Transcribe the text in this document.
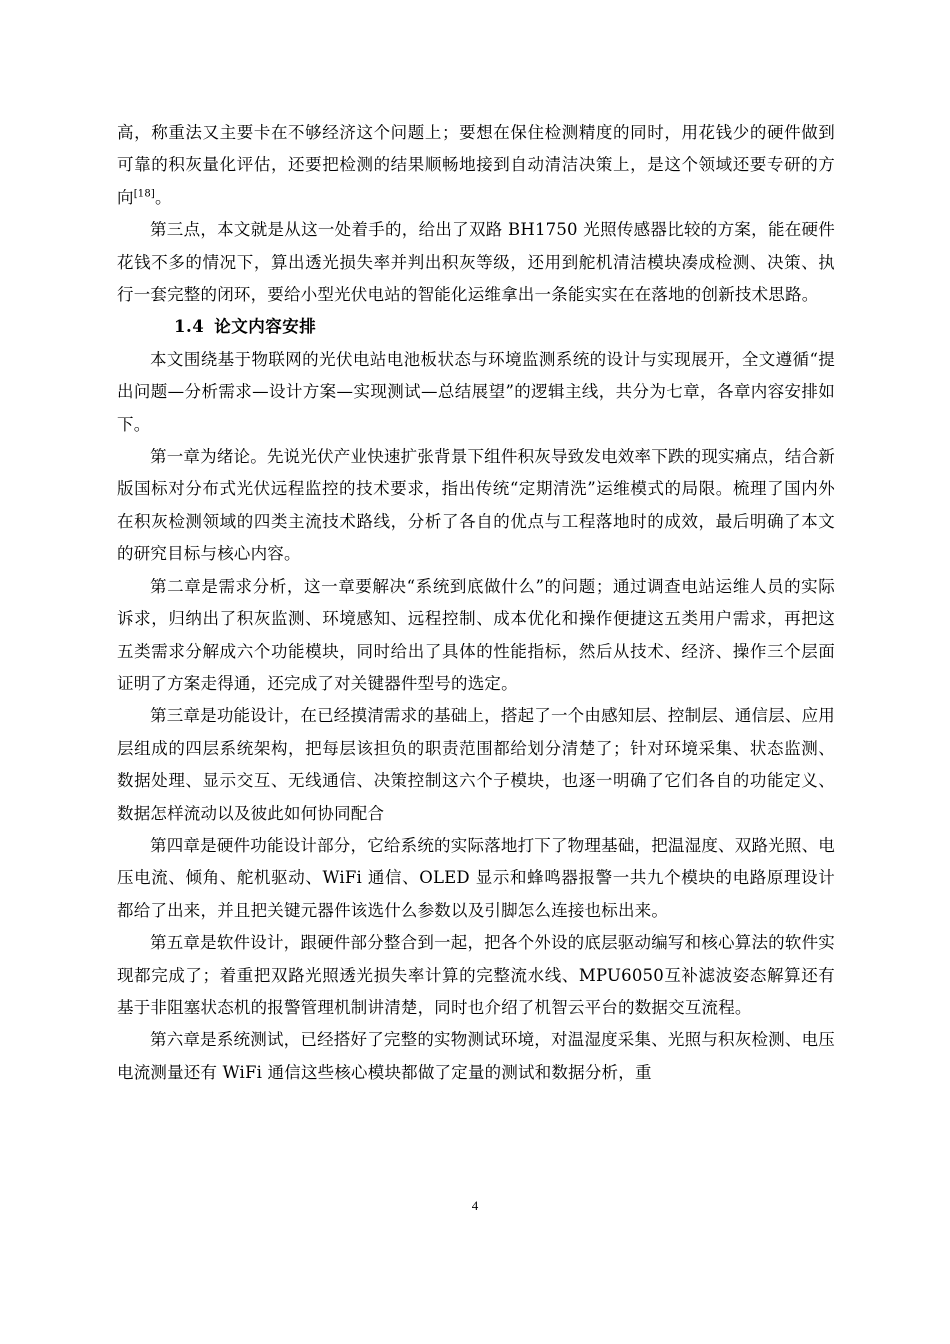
高，称重法又主要卡在不够经济这个问题上；要想在保住检测精度的同时，用花钱少的硬件做到可靠的积灰量化评估，还要把检测的结果顺畅地接到自动清洁决策上，是这个领域还要专研的方向[18]。

第三点，本文就是从这一处着手的，给出了双路 BH1750 光照传感器比较的方案，能在硬件花钱不多的情况下，算出透光损失率并判出积灰等级，还用到舵机清洁模块凑成检测、决策、执行一套完整的闭环，要给小型光伏电站的智能化运维拿出一条能实实在在落地的创新技术思路。

1.4 论文内容安排

本文围绕基于物联网的光伏电站电池板状态与环境监测系统的设计与实现展开，全文遵循“提出问题—分析需求—设计方案—实现测试—总结展望”的逻辑主线，共分为七章，各章内容安排如下。

第一章为绪论。先说光伏产业快速扩张背景下组件积灰导致发电效率下跌的现实痛点，结合新版国标对分布式光伏远程监控的技术要求，指出传统“定期清洗”运维模式的局限。梳理了国内外在积灰检测领域的四类主流技术路线，分析了各自的优点与工程落地时的成效，最后明确了本文的研究目标与核心内容。

第二章是需求分析，这一章要解决“系统到底做什么”的问题；通过调查电站运维人员的实际诉求，归纳出了积灰监测、环境感知、远程控制、成本优化和操作便捷这五类用户需求，再把这五类需求分解成六个功能模块，同时给出了具体的性能指标，然后从技术、经济、操作三个层面证明了方案走得通，还完成了对关键器件型号的选定。

第三章是功能设计，在已经摸清需求的基础上，搭起了一个由感知层、控制层、通信层、应用层组成的四层系统架构，把每层该担负的职责范围都给划分清楚了；针对环境采集、状态监测、数据处理、显示交互、无线通信、决策控制这六个子模块，也逐一明确了它们各自的功能定义、数据怎样流动以及彼此如何协同配合

第四章是硬件功能设计部分，它给系统的实际落地打下了物理基础，把温湿度、双路光照、电压电流、倾角、舵机驱动、WiFi 通信、OLED 显示和蜂鸣器报警一共九个模块的电路原理设计都给了出来，并且把关键元器件该选什么参数以及引脚怎么连接也标出来。

第五章是软件设计，跟硬件部分整合到一起，把各个外设的底层驱动编写和核心算法的软件实现都完成了；着重把双路光照透光损失率计算的完整流水线、MPU6050互补滤波姿态解算还有基于非阻塞状态机的报警管理机制讲清楚，同时也介绍了机智云平台的数据交互流程。

第六章是系统测试，已经搭好了完整的实物测试环境，对温湿度采集、光照与积灰检测、电压电流测量还有 WiFi 通信这些核心模块都做了定量的测试和数据分析，重

4
